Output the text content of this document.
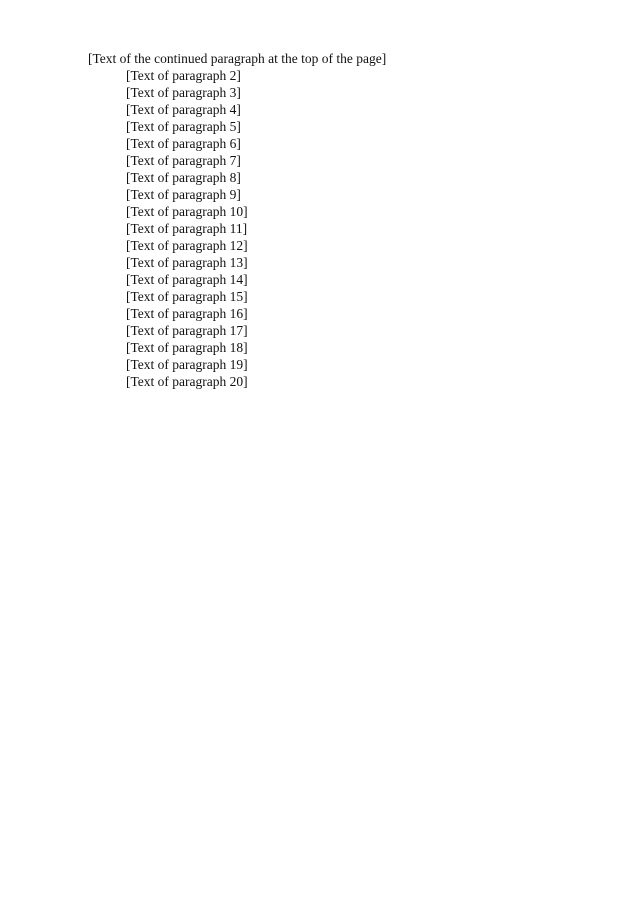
[Text of the continued paragraph at the top of the page]

[Text of paragraph 2]

[Text of paragraph 3]

[Text of paragraph 4]

[Text of paragraph 5]

[Text of paragraph 6]

[Text of paragraph 7]

[Text of paragraph 8]

[Text of paragraph 9]

[Text of paragraph 10]

[Text of paragraph 11]

[Text of paragraph 12]

[Text of paragraph 13]

[Text of paragraph 14]

[Text of paragraph 15]

[Text of paragraph 16]

[Text of paragraph 17]

[Text of paragraph 18]

[Text of paragraph 19]

[Text of paragraph 20]
